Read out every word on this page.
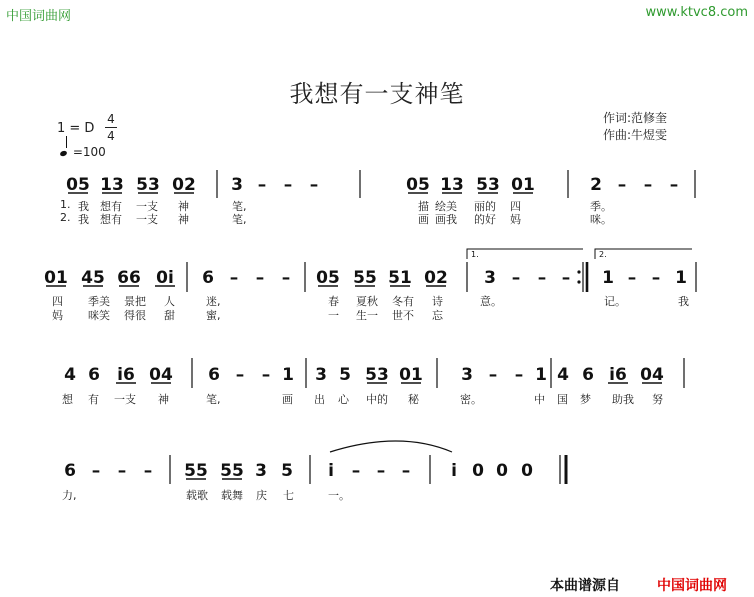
中国词曲网	www.ktvc8.com
我想有一支神笔
作词:范修奎
作曲:牛煜雯
1 = D
4
4

=100
1.	2.
05 13 53 02 3 – – –	05 13 53 01	2 – – –
01 45 66 0i 6 – – – 05 55 51 02 3 – – – 1 – – 1
4 6 i6 04 6 – – 1 3 5 53 01 3 – – 1 4 6 i6 04
6 – – – 55 55 3 5 i – – – i 0 0 0
1. 我 想有 一支 神	笔,	描 绘美 丽的 四	季。
2. 我 想有 一支 神	笔,	画 画我 的好 妈	咪。
四 季美 景把 人	迷,	春 夏秋 冬有 诗	意。	记。	我
妈 咪笑 得很 甜	蜜,	一 生一 世不 忘
想 有 一支 神	笔,	画 出 心 中的 秘	密。	中 国 梦 助我 努
力,	载歌 载舞 庆 七	一。
本曲谱源自	中国词曲网
